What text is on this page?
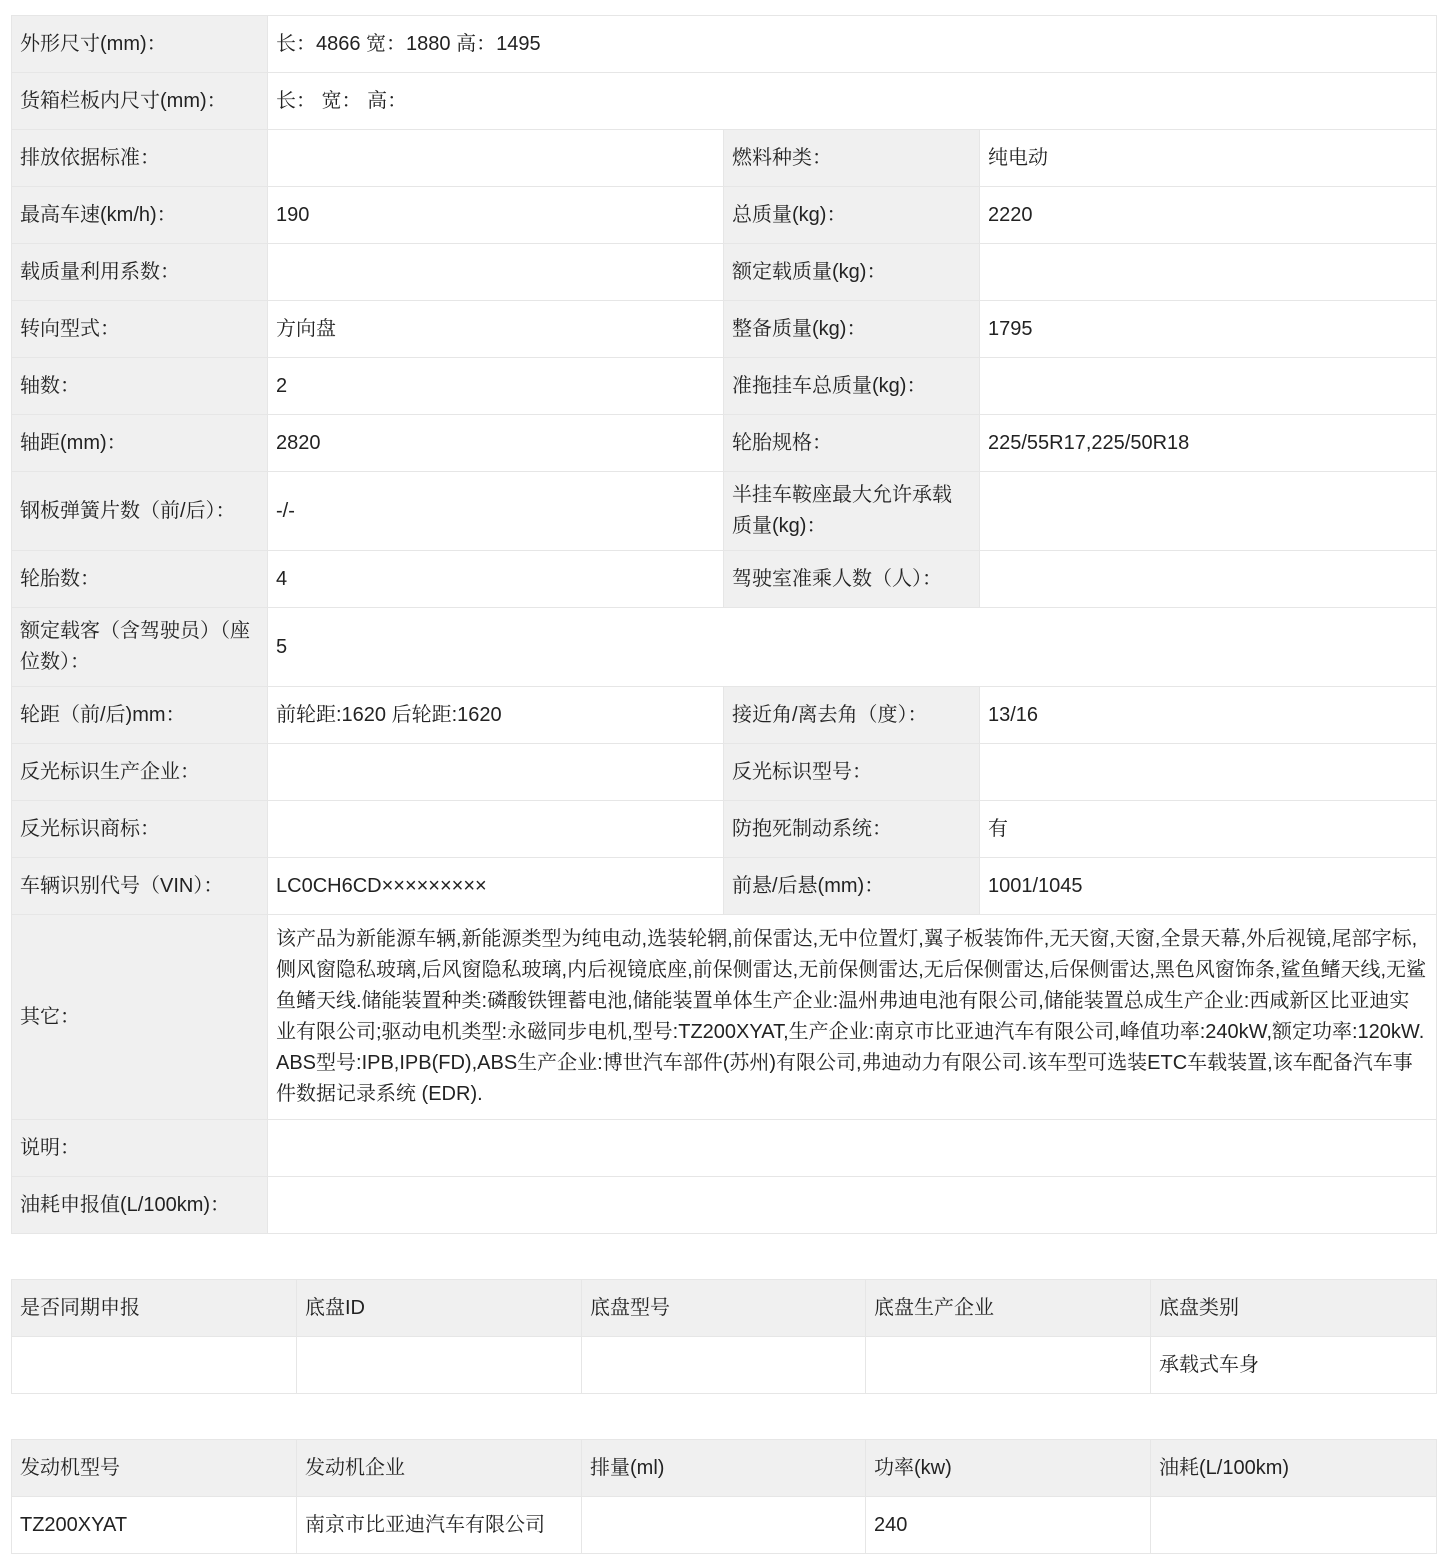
外形尺寸(mm)：	长：4866 宽：1880 高：1495		
货箱栏板内尺寸(mm)：	长： 宽： 高：		
排放依据标准：		燃料种类：	纯电动
最高车速(km/h)：	190	总质量(kg)：	2220
载质量利用系数：		额定载质量(kg)：	
转向型式：	方向盘	整备质量(kg)：	1795
轴数：	2	准拖挂车总质量(kg)：	
轴距(mm)：	2820	轮胎规格：	225/55R17,225/50R18
钢板弹簧片数（前/后）：	-/-	半挂车鞍座最大允许承载质量(kg)：	
轮胎数：	4	驾驶室准乘人数（人）：	
额定载客（含驾驶员）（座位数）：	5		
轮距（前/后)mm：	前轮距:1620 后轮距:1620	接近角/离去角（度）：	13/16
反光标识生产企业：		反光标识型号：	
反光标识商标：		防抱死制动系统：	有
车辆识别代号（VIN）：	LC0CH6CD×××××××××	前悬/后悬(mm)：	1001/1045
其它：	该产品为新能源车辆,新能源类型为纯电动,选装轮辋,前保雷达,无中位置灯,翼子板装饰件,无天窗,天窗,全景天幕,外后视镜,尾部字标,侧风窗隐私玻璃,后风窗隐私玻璃,内后视镜底座,前保侧雷达,无前保侧雷达,无后保侧雷达,后保侧雷达,黑色风窗饰条,鲨鱼鳍天线,无鲨鱼鳍天线.储能装置种类:磷酸铁锂蓄电池,储能装置单体生产企业:温州弗迪电池有限公司,储能装置总成生产企业:西咸新区比亚迪实业有限公司;驱动电机类型:永磁同步电机,型号:TZ200XYAT,生产企业:南京市比亚迪汽车有限公司,峰值功率:240kW,额定功率:120kW.ABS型号:IPB,IPB(FD),ABS生产企业:博世汽车部件(苏州)有限公司,弗迪动力有限公司.该车型可选装ETC车载装置,该车配备汽车事件数据记录系统 (EDR).		
说明：			
油耗申报值(L/100km)：			
是否同期申报	底盘ID	底盘型号	底盘生产企业	底盘类别
				承载式车身
发动机型号	发动机企业	排量(ml)	功率(kw)	油耗(L/100km)
TZ200XYAT	南京市比亚迪汽车有限公司		240	
